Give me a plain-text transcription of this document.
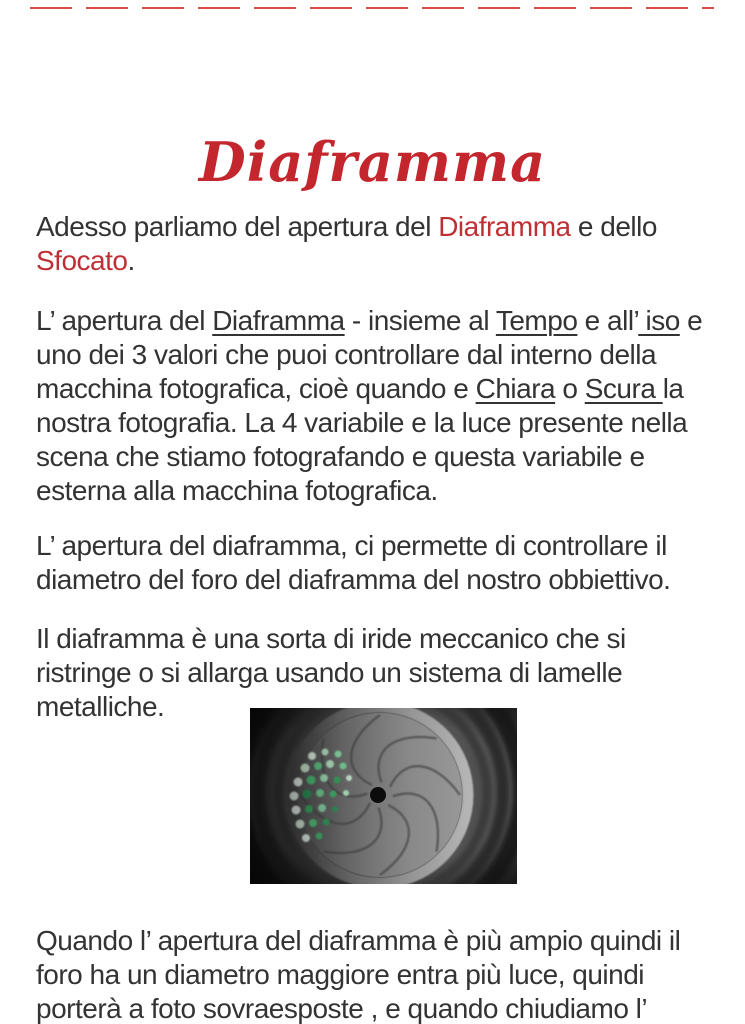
Diaframma

Adesso parliamo del apertura del Diaframma e dello
Sfocato.

L’ apertura del Diaframma - insieme al Tempo e all’ iso e
uno dei 3 valori che puoi controllare dal interno della
macchina fotografica, cioè quando e Chiara o Scura la
nostra fotografia. La 4 variabile e la luce presente nella
scena che stiamo fotografando e questa variabile e
esterna alla macchina fotografica.

L’ apertura del diaframma, ci permette di controllare il
diametro del foro del diaframma del nostro obbiettivo.

Il diaframma è una sorta di iride meccanico che si
ristringe o si allarga usando un sistema di lamelle
metalliche.

Quando l’ apertura del diaframma è più ampio quindi il
foro ha un diametro maggiore entra più luce, quindi
porterà a foto sovraesposte , e quando chiudiamo l’
